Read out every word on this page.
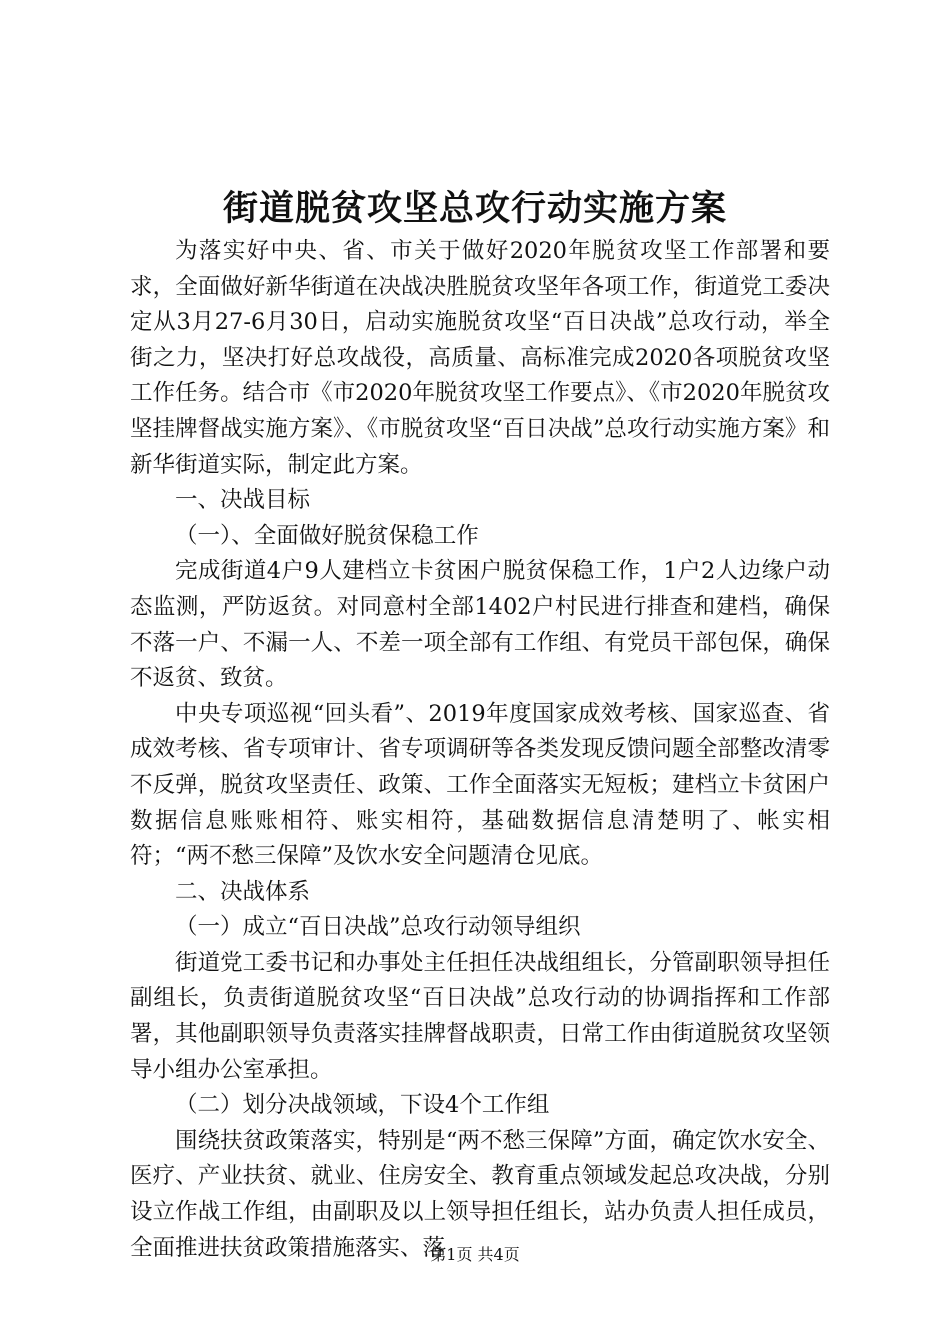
街道脱贫攻坚总攻行动实施方案

为落实好中央、省、市关于做好2020年脱贫攻坚工作部署和要求，全面做好新华街道在决战决胜脱贫攻坚年各项工作，街道党工委决定从3月27-6月30日，启动实施脱贫攻坚“百日决战”总攻行动，举全街之力，坚决打好总攻战役，高质量、高标准完成2020各项脱贫攻坚工作任务。结合市《市2020年脱贫攻坚工作要点》、《市2020年脱贫攻坚挂牌督战实施方案》、《市脱贫攻坚“百日决战”总攻行动实施方案》和新华街道实际，制定此方案。

一、决战目标

（一）、全面做好脱贫保稳工作

完成街道4户9人建档立卡贫困户脱贫保稳工作，1户2人边缘户动态监测，严防返贫。对同意村全部1402户村民进行排查和建档，确保不落一户、不漏一人、不差一项全部有工作组、有党员干部包保，确保不返贫、致贫。

中央专项巡视“回头看”、2019年度国家成效考核、国家巡查、省成效考核、省专项审计、省专项调研等各类发现反馈问题全部整改清零不反弹，脱贫攻坚责任、政策、工作全面落实无短板；建档立卡贫困户数据信息账账相符、账实相符，基础数据信息清楚明了、帐实相符；“两不愁三保障”及饮水安全问题清仓见底。

二、决战体系

（一）成立“百日决战”总攻行动领导组织

街道党工委书记和办事处主任担任决战组组长，分管副职领导担任副组长，负责街道脱贫攻坚“百日决战”总攻行动的协调指挥和工作部署，其他副职领导负责落实挂牌督战职责，日常工作由街道脱贫攻坚领导小组办公室承担。

（二）划分决战领域，下设4个工作组

围绕扶贫政策落实，特别是“两不愁三保障”方面，确定饮水安全、医疗、产业扶贫、就业、住房安全、教育重点领域发起总攻决战，分别设立作战工作组，由副职及以上领导担任组长，站办负责人担任成员，全面推进扶贫政策措施落实、落

第1页 共4页
